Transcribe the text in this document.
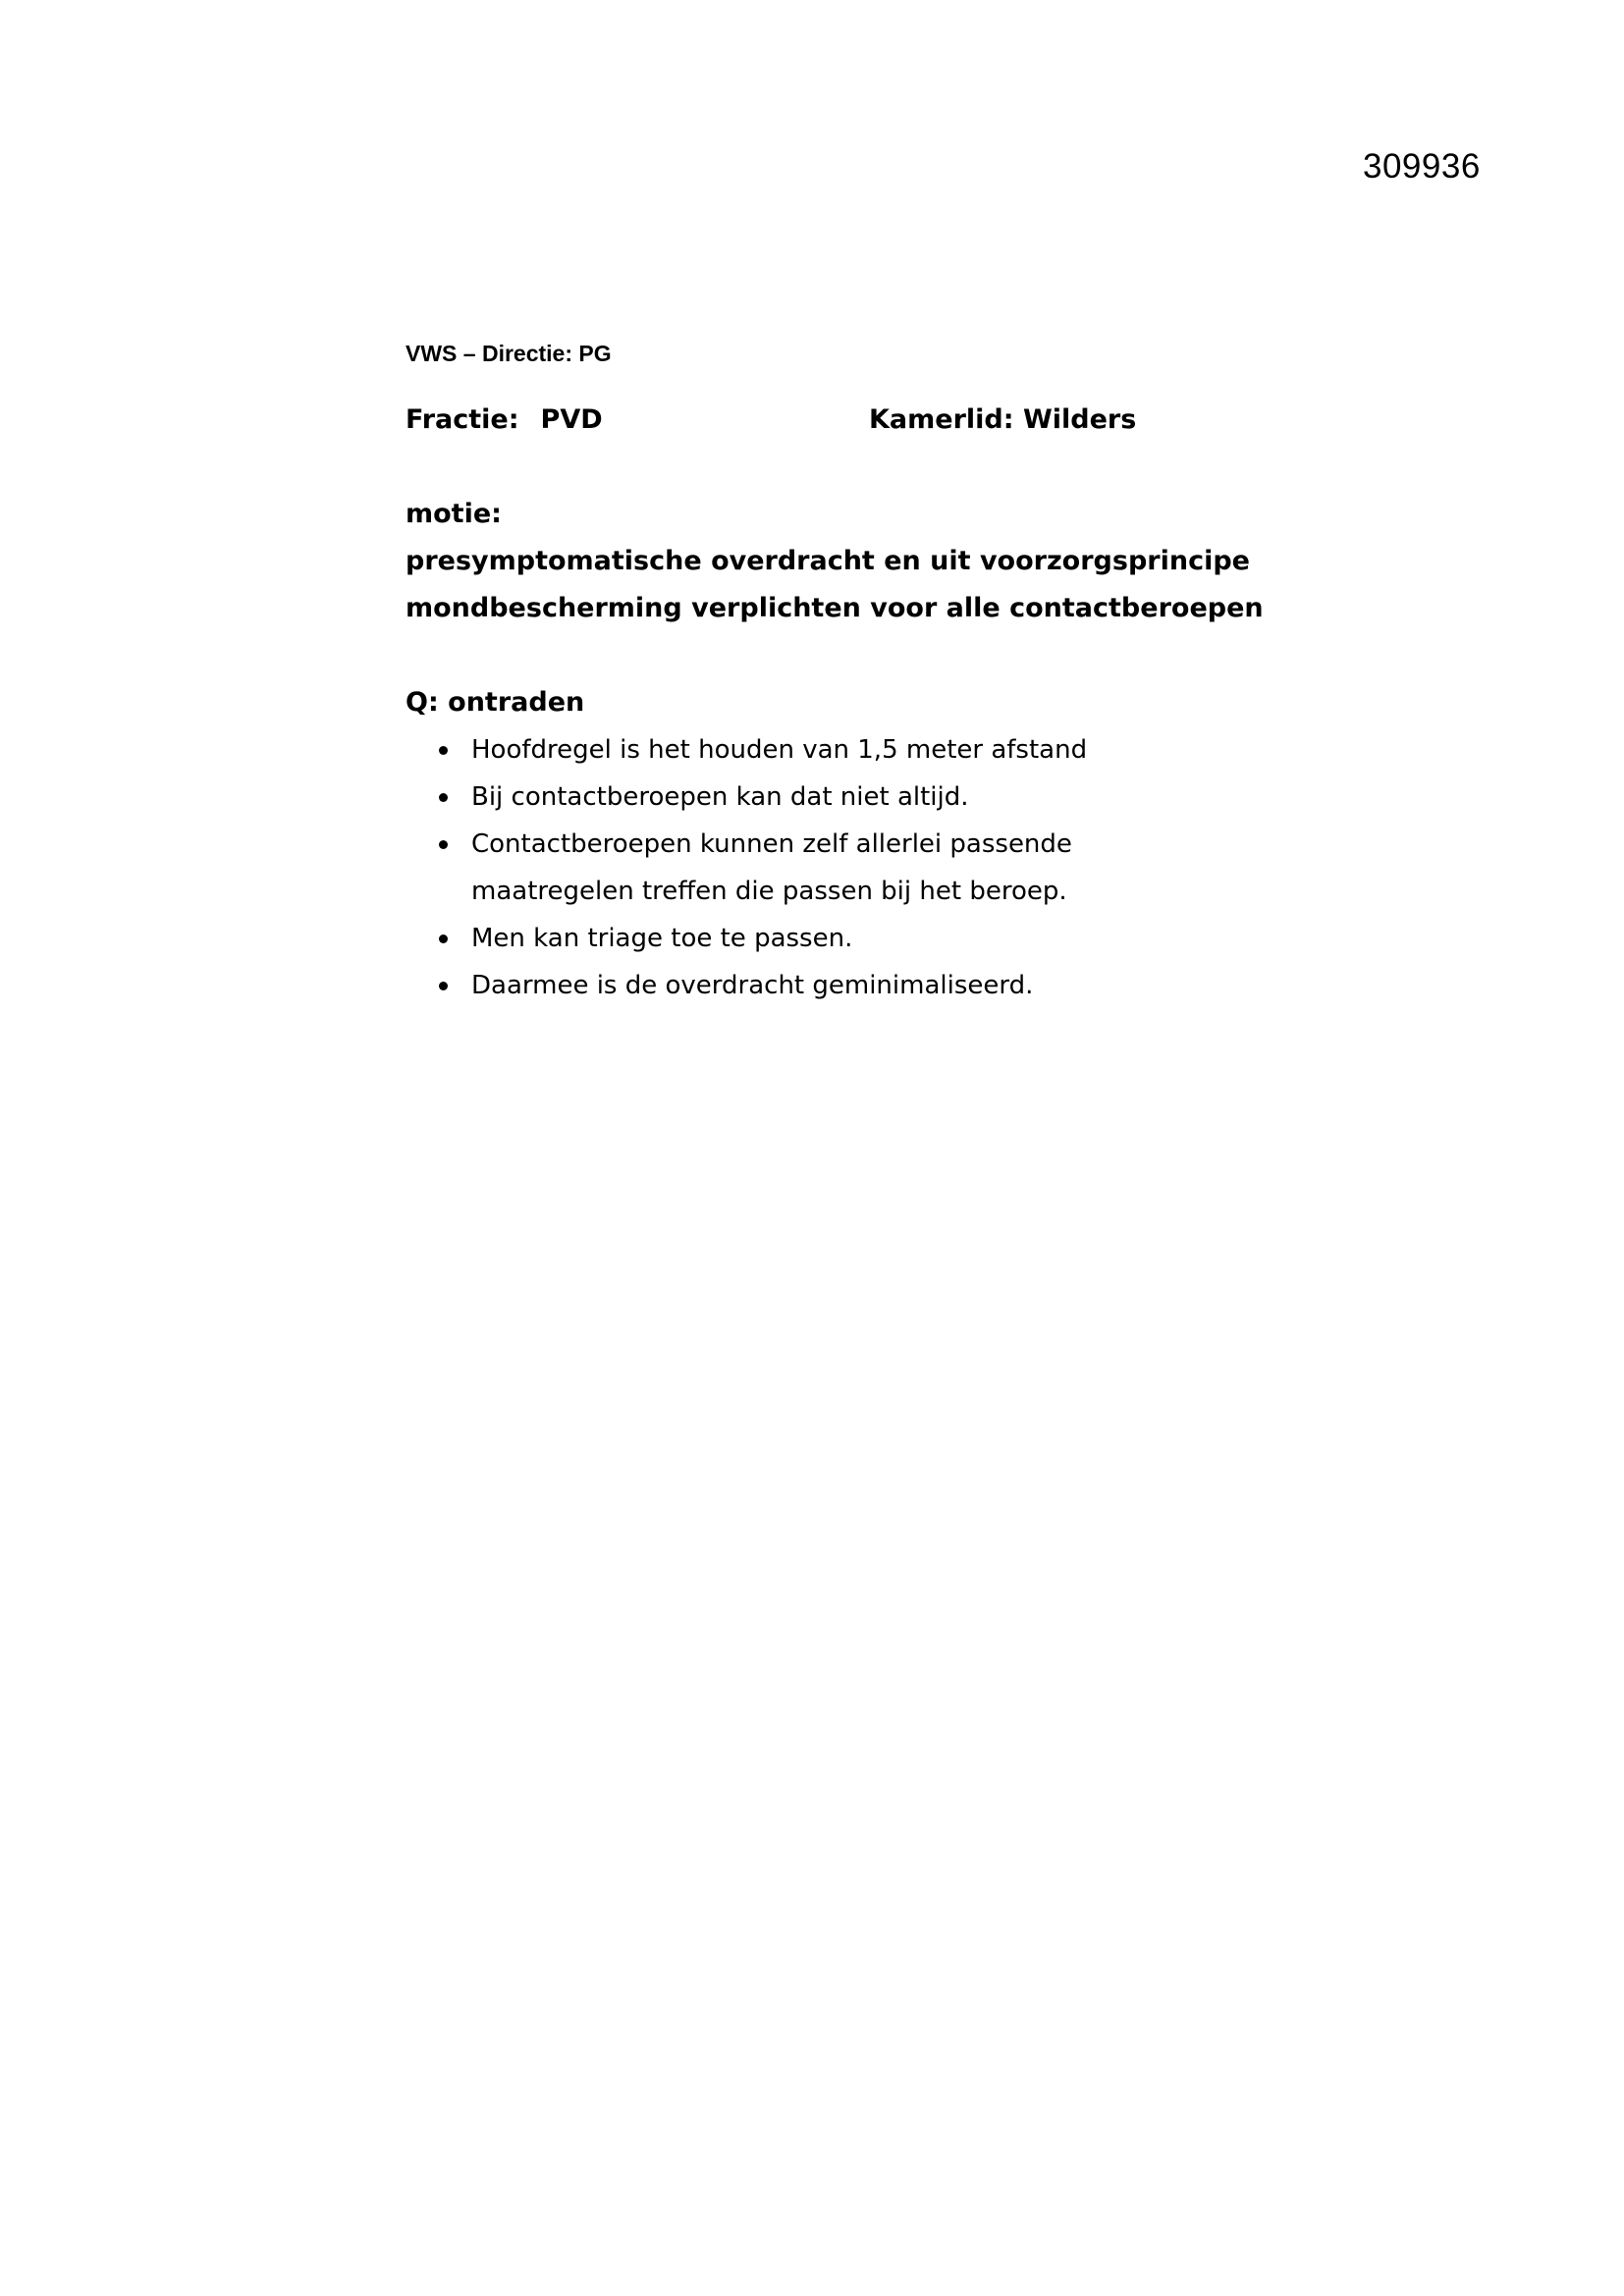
309936

VWS – Directie: PG

Fractie: PVD	Kamerlid: Wilders
motie:
presymptomatische overdracht en uit voorzorgsprincipe
mondbescherming verplichten voor alle contactberoepen
Q: ontraden
Hoofdregel is het houden van 1,5 meter afstand
Bij contactberoepen kan dat niet altijd.
Contactberoepen kunnen zelf allerlei passende maatregelen treffen die passen bij het beroep.
Men kan triage toe te passen.
Daarmee is de overdracht geminimaliseerd.
